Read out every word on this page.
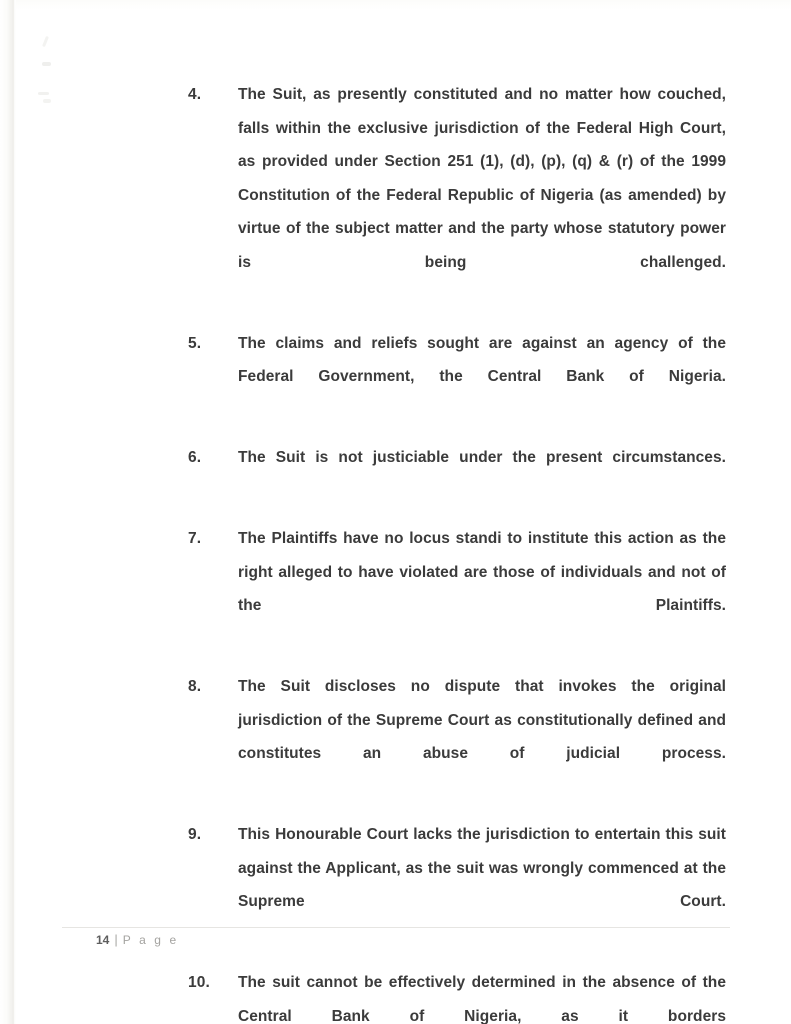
4.	The Suit, as presently constituted and no matter how couched, falls within the exclusive jurisdiction of the Federal High Court, as provided under Section 251 (1), (d), (p), (q) & (r) of the 1999 Constitution of the Federal Republic of Nigeria (as amended) by virtue of the subject matter and the party whose statutory power is being challenged.
5.	The claims and reliefs sought are against an agency of the Federal Government, the Central Bank of Nigeria.
6.	The Suit is not justiciable under the present circumstances.
7.	The Plaintiffs have no locus standi to institute this action as the right alleged to have violated are those of individuals and not of the Plaintiffs.
8.	The Suit discloses no dispute that invokes the original jurisdiction of the Supreme Court as constitutionally defined and constitutes an abuse of judicial process.
9.	This Honourable Court lacks the jurisdiction to entertain this suit against the Applicant, as the suit was wrongly commenced at the Supreme Court.
10.	The suit cannot be effectively determined in the absence of the Central Bank of Nigeria, as it borders
14 | P a g e
